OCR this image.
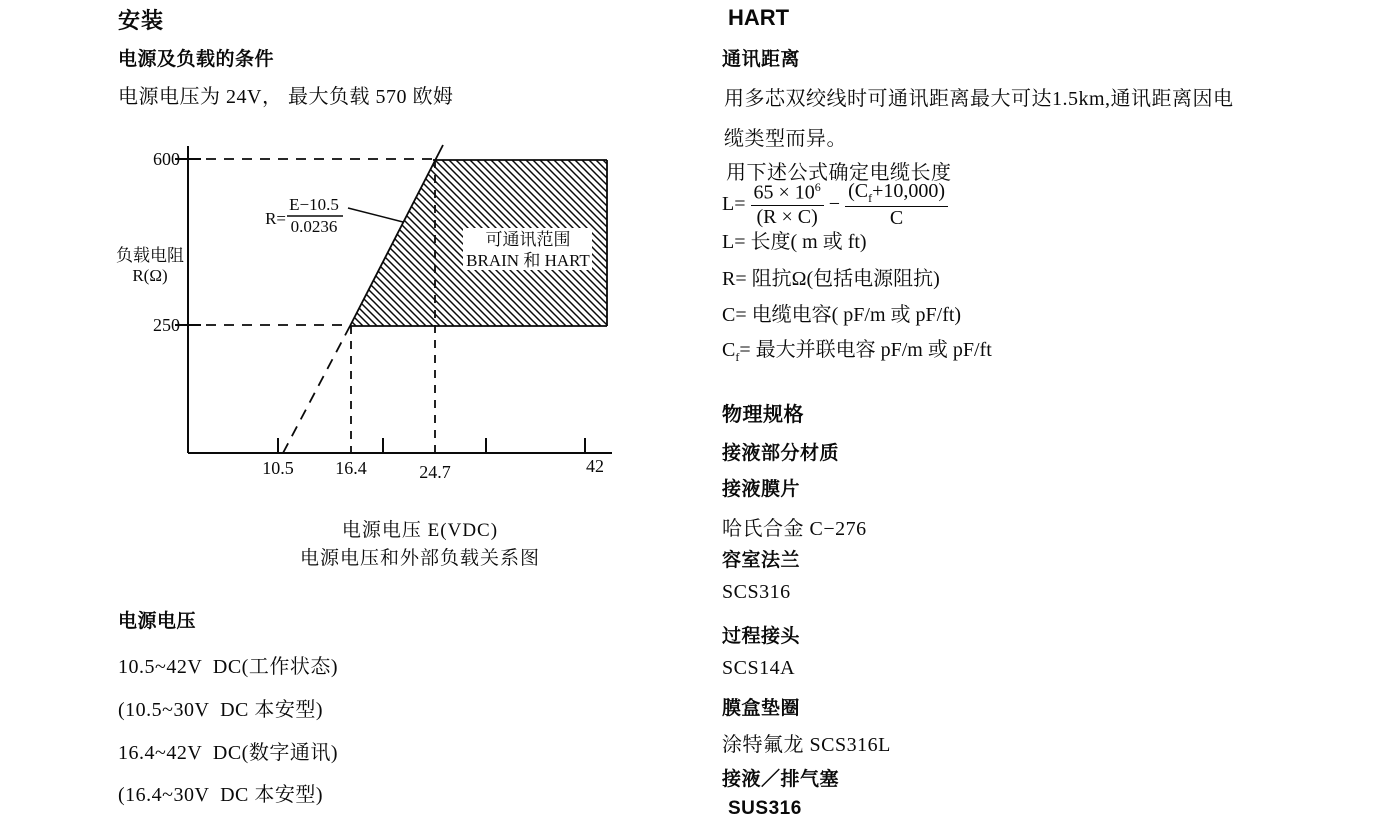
安装
电源及负载的条件
电源电压为 24V， 最大负载 570 欧姆
600
250
负载电阻
R(Ω)
10.5 16.4	24.7	42
R=
E−10.5
0.0236
可通讯范围
BRAIN 和 HART
电源电压 E(VDC)
电源电压和外部负载关系图
电源电压
10.5~42V  DC(工作状态)
(10.5~30V  DC 本安型)
16.4~42V  DC(数字通讯)
(16.4~30V  DC 本安型)
HART
通讯距离
用多芯双绞线时可通讯距离最大可达1.5km,通讯距离因电
缆类型而异。
用下述公式确定电缆长度
$L= \frac{65 \times 10^6}{(R \times C)} - \frac{(C_f+10,000)}{C}$
L= 长度( m 或 ft)
R= 阻抗Ω(包括电源阻抗)
C= 电缆电容( pF/m 或 pF/ft)
$C_f=$ 最大并联电容 pF/m 或 pF/ft
物理规格
接液部分材质
接液膜片
哈氏合金 C−276
容室法兰
SCS316
过程接头
SCS14A
膜盒垫圈
涂特氟龙 SCS316L
接液／排气塞
SUS316
